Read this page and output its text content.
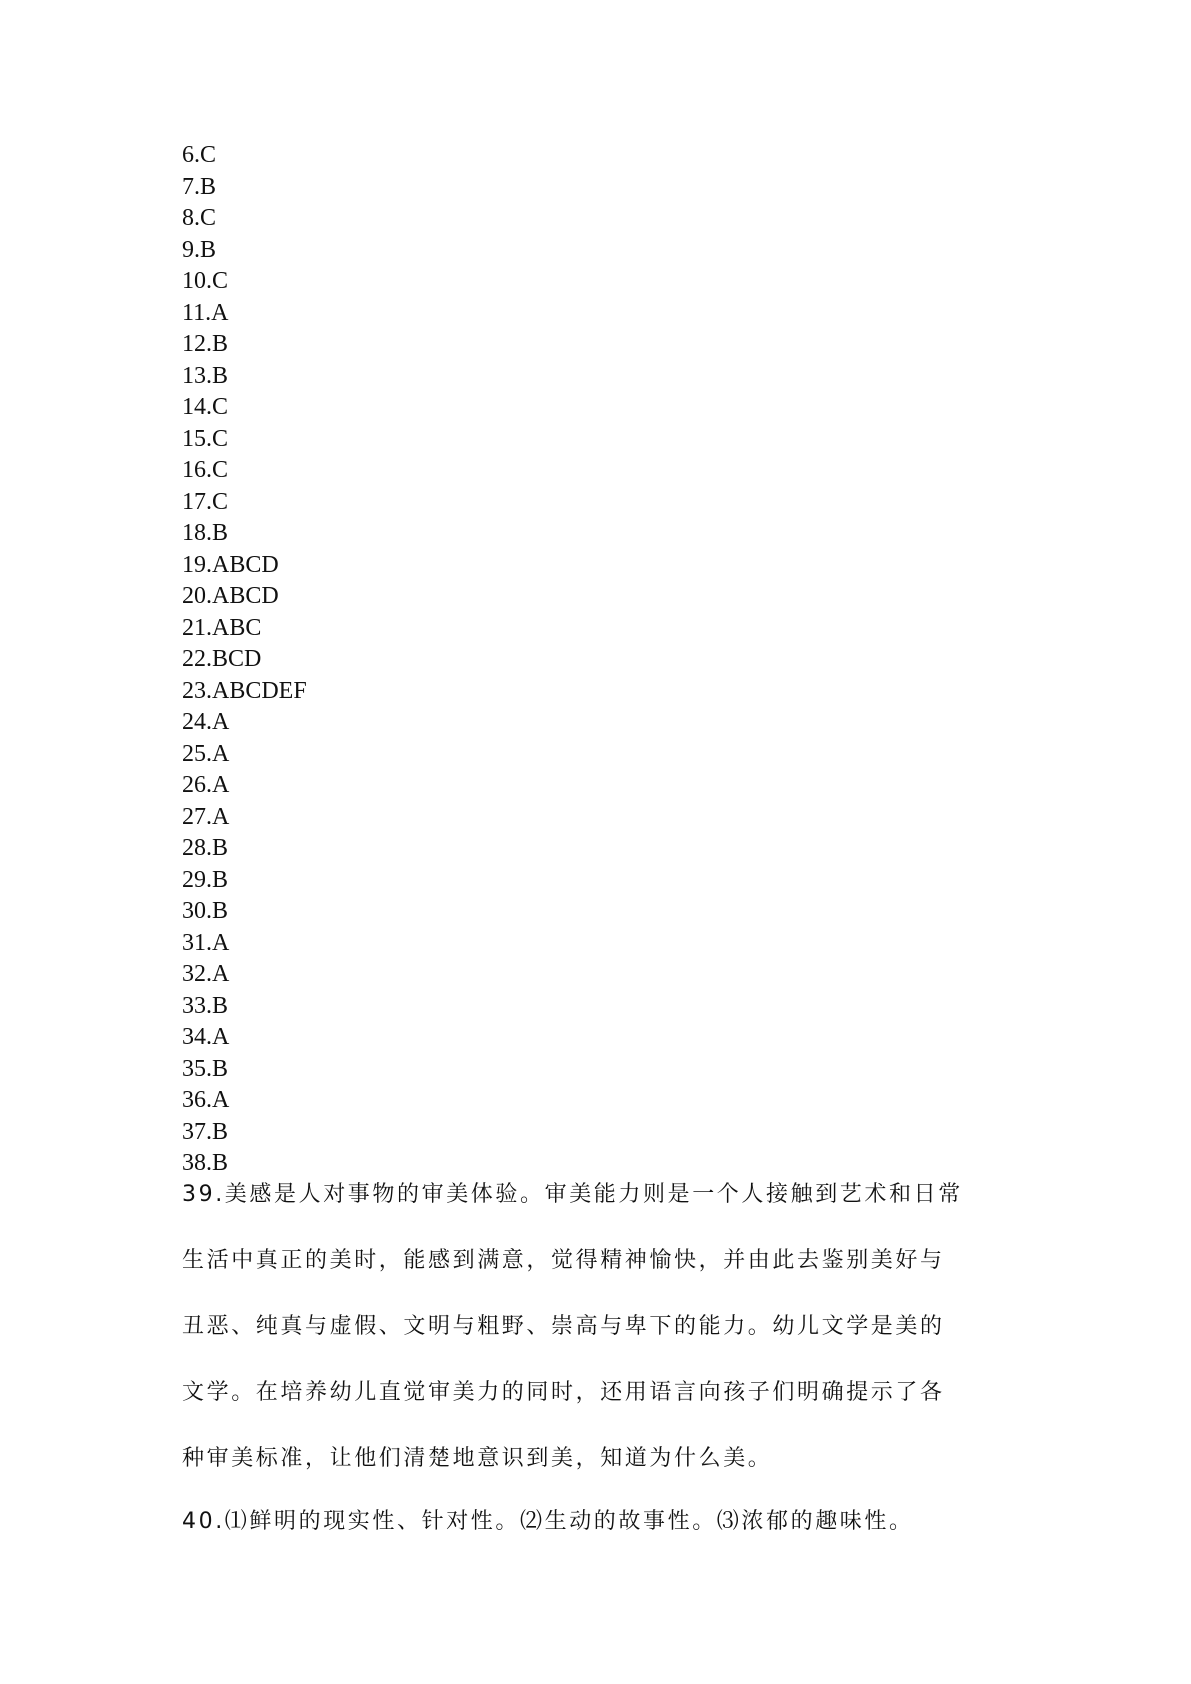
6.C
7.B
8.C
9.B
10.C
11.A
12.B
13.B
14.C
15.C
16.C
17.C
18.B
19.ABCD
20.ABCD
21.ABC
22.BCD
23.ABCDEF
24.A
25.A
26.A
27.A
28.B
29.B
30.B
31.A
32.A
33.B
34.A
35.B
36.A
37.B
38.B
39.美感是人对事物的审美体验。审美能力则是一个人接触到艺术和日常
生活中真正的美时，能感到满意，觉得精神愉快，并由此去鉴别美好与
丑恶、纯真与虚假、文明与粗野、崇高与卑下的能力。幼儿文学是美的
文学。在培养幼儿直觉审美力的同时，还用语言向孩子们明确提示了各
种审美标准，让他们清楚地意识到美，知道为什么美。
40.⑴鲜明的现实性、针对性。⑵生动的故事性。⑶浓郁的趣味性。
